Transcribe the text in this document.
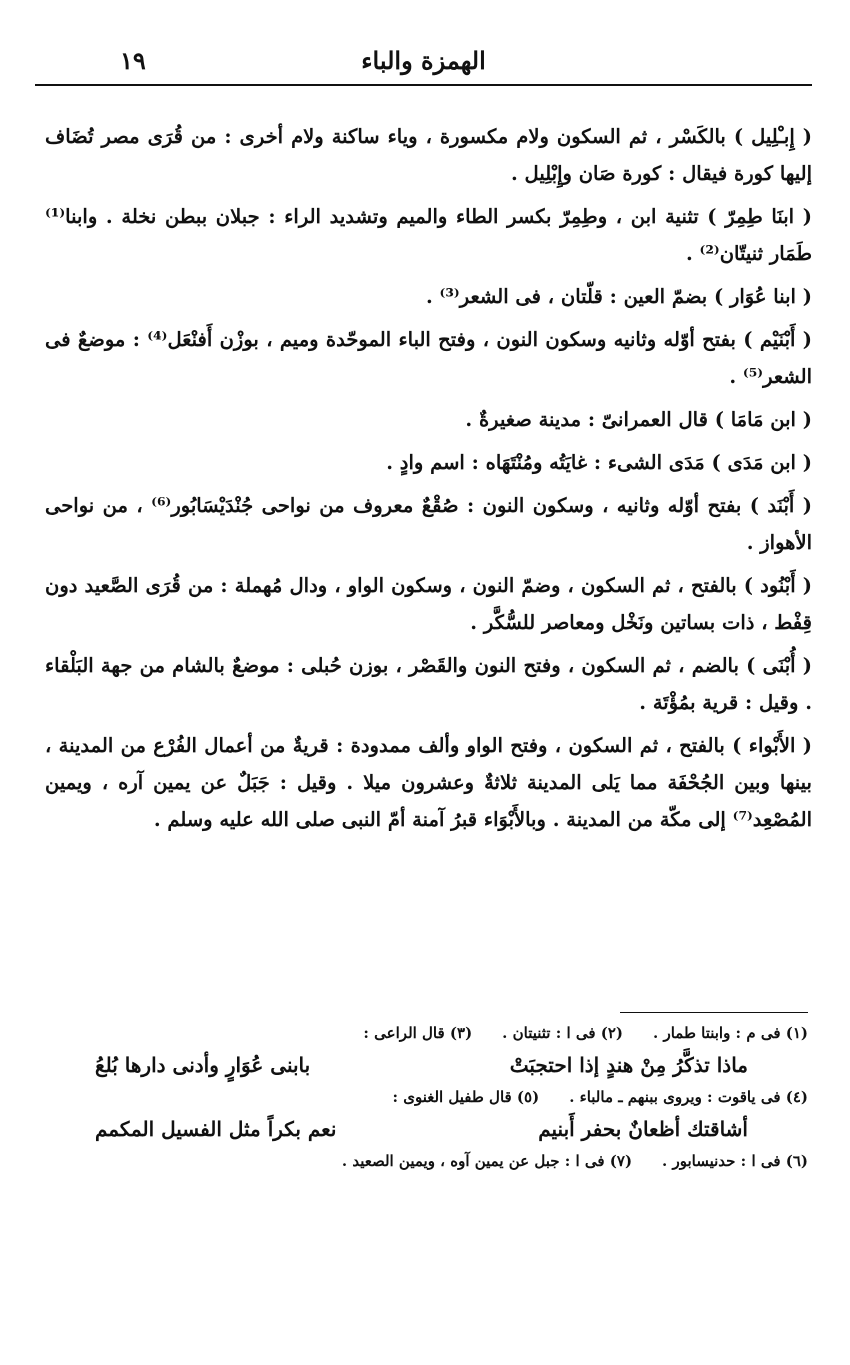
الهمزة والباء
١٩

( إِبـْلِيل ) بالكَسْر ، ثم السكون ولام مكسورة ، وياء ساكنة ولام أخرى : من قُرَى مصر تُضَاف إليها كورة فيقال : كورة صَان وإِبْلِيل .

( ابنَا طِمِرّ ) تثنية ابن ، وطِمِرّ بكسر الطاء والميم وتشديد الراء : جبلان ببطن نخلة . وابنا⁽¹⁾ طَمَار ثنيتّان⁽²⁾ .

( ابنا عُوَار ) بضمّ العين : قلّتان ، فى الشعر⁽³⁾ .

( أَبْنَيْم ) بفتح أوّله وثانيه وسكون النون ، وفتح الباء الموحّدة وميم ، بوزْن أَفنْعَل⁽⁴⁾ : موضعٌ فى الشعر⁽⁵⁾ .

( ابن مَامَا ) قال العمرانىّ : مدينة صغيرةٌ .

( ابن مَدَى ) مَدَى الشىء : غايَتُه ومُنْتَهَاه : اسم وادٍ .

( أَبْنَد ) بفتح أوّله وثانيه ، وسكون النون : صُقْعٌ معروف من نواحى جُنْدَيْسَابُور⁽⁶⁾ ، من نواحى الأهواز .

( أَبْنُود ) بالفتح ، ثم السكون ، وضمّ النون ، وسكون الواو ، ودال مُهملة : من قُرَى الصَّعيد دون قِفْط ، ذات بساتين ونَخْل ومعاصر للسُّكَّر .

( أُبْنَى ) بالضم ، ثم السكون ، وفتح النون والقَصْر ، بوزن حُبلى : موضعٌ بالشام من جهة البَلْقاء . وقيل : قرية بمُؤْتَة .

( الأَبْواء ) بالفتح ، ثم السكون ، وفتح الواو وألف ممدودة : قريةٌ من أعمال الفُرْع من المدينة ، بينها وبين الجُحْفَة مما يَلى المدينة ثلاثةٌ وعشرون ميلا . وقيل : جَبَلٌ عن يمين آره ، ويمين المُصْعِد⁽⁷⁾ إلى مكّة من المدينة . وبالأَبْوَاء قبرُ آمنة أمّ النبى صلى الله عليه وسلم .

(١) فى م : وابنتا طمار .
(٢) فى ا : تثنيتان .
(٣) قال الراعى :
ماذا تذكَّرُ مِنْ هندٍ إذا احتجبَتْ
بابنى عُوَارٍ وأدنى دارها بُلعُ
(٤) فى ياقوت : ويروى ببنهم ـ مالباء .
(٥) قال طفيل الغنوى :
أشاقتك أظعانٌ بحفر أَبنيم
نعم بكراً مثل الفسيل المكمم
(٦) فى ا : حدنيسابور .
(٧) فى ا : جبل عن يمين آوه ، ويمين الصعيد .
